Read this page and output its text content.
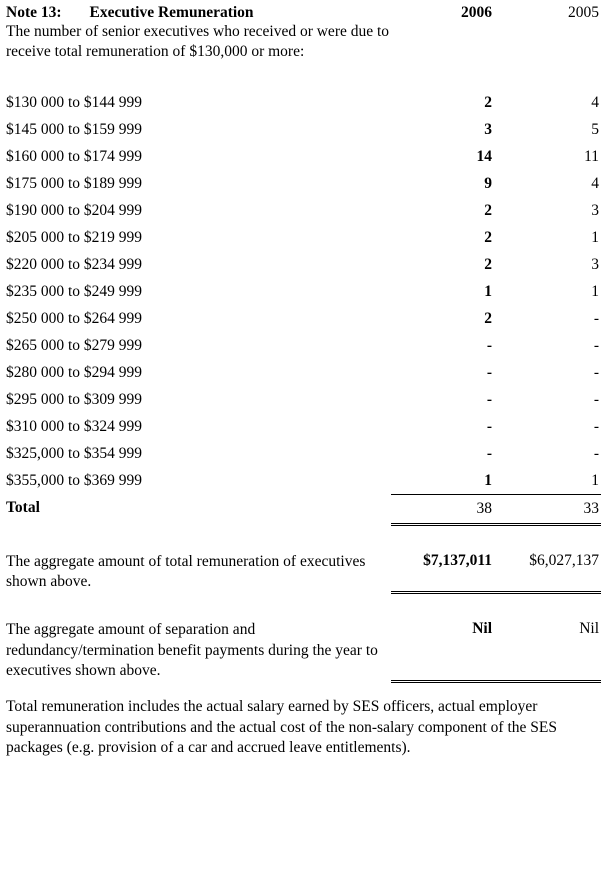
Note 13: Executive Remuneration	2006	2005
The number of senior executives who received or were due to receive total remuneration of $130,000 or more:		

$130 000 to $144 999	2	4
$145 000 to $159 999	3	5
$160 000 to $174 999	14	11
$175 000 to $189 999	9	4
$190 000 to $204 999	2	3
$205 000 to $219 999	2	1
$220 000 to $234 999	2	3
$235 000 to $249 999	1	1
$250 000 to $264 999	2	-
$265 000 to $279 999	-	-
$280 000 to $294 999	-	-
$295 000 to $309 999	-	-
$310 000 to $324 999	-	-
$325,000 to $354 999	-	-
$355,000 to $369 999	1	1
Total	38	33

The aggregate amount of total remuneration of executives shown above.	$7,137,011	$6,027,137

The aggregate amount of separation and redundancy/termination benefit payments during the year to executives shown above.	Nil	Nil
Total remuneration includes the actual salary earned by SES officers, actual employer superannuation contributions and the actual cost of the non-salary component of the SES packages (e.g. provision of a car and accrued leave entitlements).
